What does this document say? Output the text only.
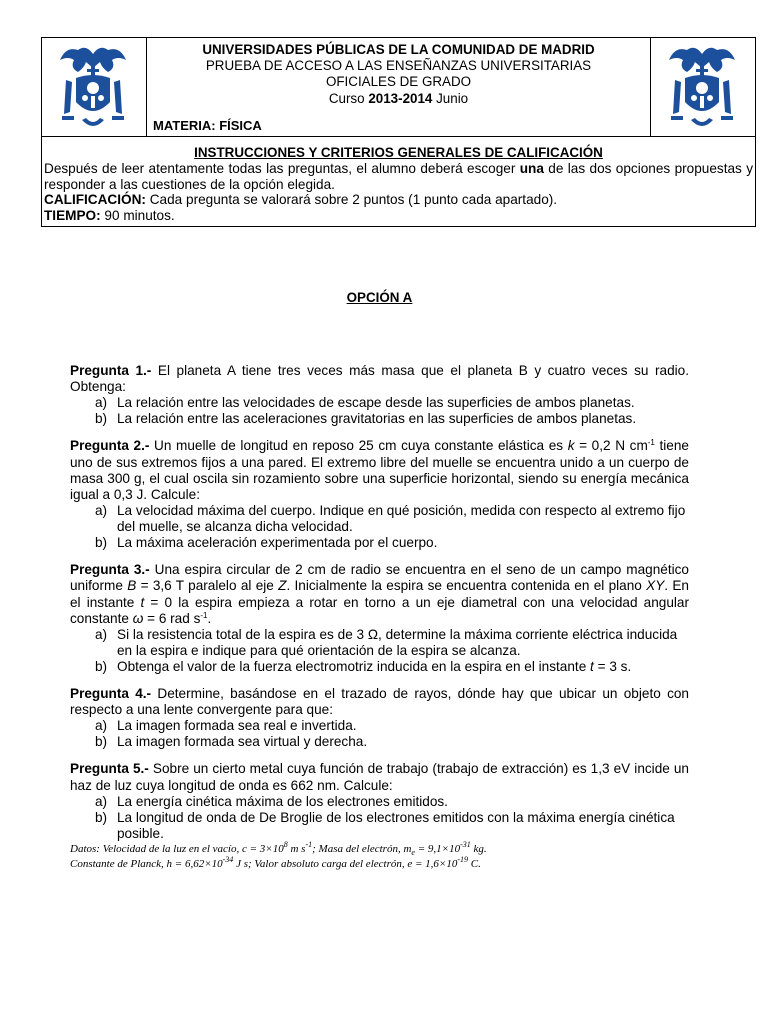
UNIVERSIDADES PÚBLICAS DE LA COMUNIDAD DE MADRID
PRUEBA DE ACCESO A LAS ENSEÑANZAS UNIVERSITARIAS
OFICIALES DE GRADO
Curso 2013-2014 Junio
MATERIA: FÍSICA
INSTRUCCIONES Y CRITERIOS GENERALES DE CALIFICACIÓN

Después de leer atentamente todas las preguntas, el alumno deberá escoger una de las dos opciones propuestas y responder a las cuestiones de la opción elegida.

CALIFICACIÓN: Cada pregunta se valorará sobre 2 puntos (1 punto cada apartado).

TIEMPO: 90 minutos.

OPCIÓN A

Pregunta 1.- El planeta A tiene tres veces más masa que el planeta B y cuatro veces su radio. Obtenga:

a) La relación entre las velocidades de escape desde las superficies de ambos planetas.
b) La relación entre las aceleraciones gravitatorias en las superficies de ambos planetas.

Pregunta 2.- Un muelle de longitud en reposo 25 cm cuya constante elástica es k = 0,2 N $cm^{-1}$ tiene uno de sus extremos fijos a una pared. El extremo libre del muelle se encuentra unido a un cuerpo de masa 300 g, el cual oscila sin rozamiento sobre una superficie horizontal, siendo su energía mecánica igual a 0,3 J. Calcule:

a) La velocidad máxima del cuerpo. Indique en qué posición, medida con respecto al extremo fijo del muelle, se alcanza dicha velocidad.
b) La máxima aceleración experimentada por el cuerpo.

Pregunta 3.- Una espira circular de 2 cm de radio se encuentra en el seno de un campo magnético uniforme B = 3,6 T paralelo al eje Z. Inicialmente la espira se encuentra contenida en el plano XY. En el instante t = 0 la espira empieza a rotar en torno a un eje diametral con una velocidad angular constante ω = 6 rad $s^{-1}$.

a) Si la resistencia total de la espira es de 3 Ω, determine la máxima corriente eléctrica inducida en la espira e indique para qué orientación de la espira se alcanza.
b) Obtenga el valor de la fuerza electromotriz inducida en la espira en el instante t = 3 s.

Pregunta 4.- Determine, basándose en el trazado de rayos, dónde hay que ubicar un objeto con respecto a una lente convergente para que:

a) La imagen formada sea real e invertida.
b) La imagen formada sea virtual y derecha.

Pregunta 5.- Sobre un cierto metal cuya función de trabajo (trabajo de extracción) es 1,3 eV incide un haz de luz cuya longitud de onda es 662 nm. Calcule:

a) La energía cinética máxima de los electrones emitidos.
b) La longitud de onda de De Broglie de los electrones emitidos con la máxima energía cinética posible.
Datos: Velocidad de la luz en el vacío, $c = 3\times 10^8$ m $s^{-1}$; Masa del electrón, $m_e = 9,1\times 10^{-31}$ kg.
Constante de Planck, $h = 6,62\times 10^{-34}$ J s; Valor absoluto carga del electrón, $e = 1,6\times 10^{-19}$ C.
